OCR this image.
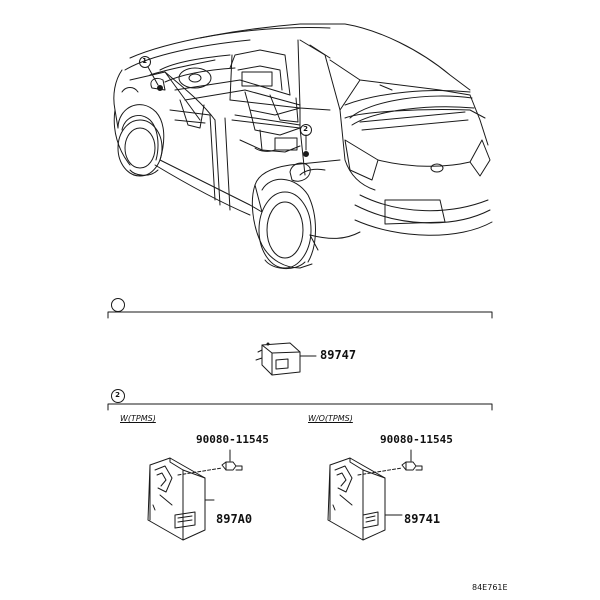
1
2
2
89747
W(TPMS)	W/O(TPMS)
90080-11545	90080-11545
897A0	89741
84E761E
